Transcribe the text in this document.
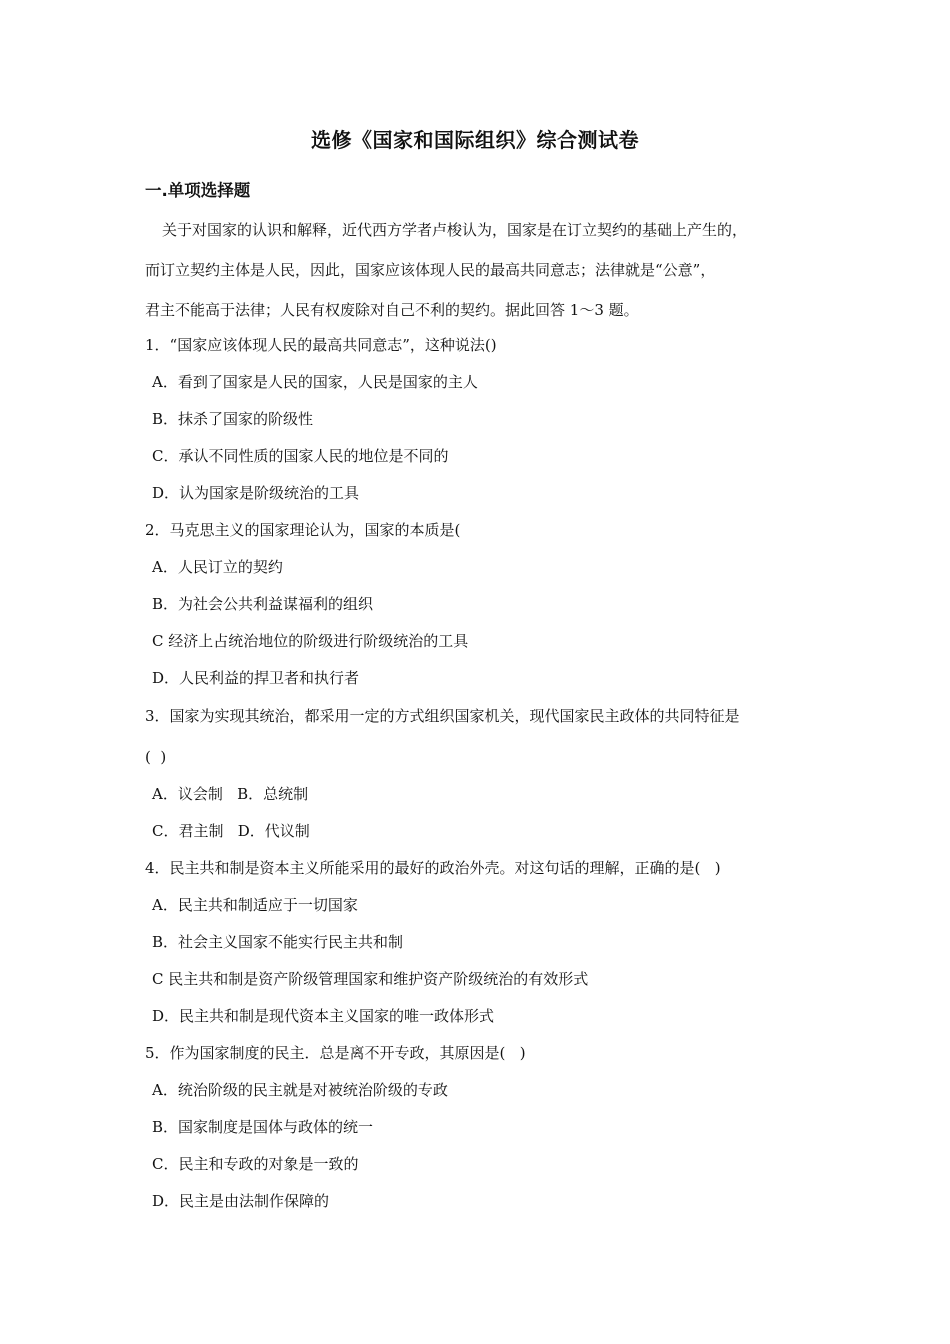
选修《国家和国际组织》综合测试卷
一.单项选择题

关于对国家的认识和解释，近代西方学者卢梭认为，国家是在订立契约的基础上产生的，

而订立契约主体是人民，因此，国家应该体现人民的最高共同意志；法律就是“公意”，

君主不能高于法律；人民有权废除对自己不利的契约。据此回答 1～3 题。

1．“国家应该体现人民的最高共同意志”，这种说法()
A．看到了国家是人民的国家，人民是国家的主人
B．抹杀了国家的阶级性
C．承认不同性质的国家人民的地位是不同的
D．认为国家是阶级统治的工具
2．马克思主义的国家理论认为，国家的本质是(
A．人民订立的契约
B．为社会公共利益谋福利的组织
C 经济上占统治地位的阶级进行阶级统治的工具
D．人民利益的捍卫者和执行者
3．国家为实现其统治，都采用一定的方式组织国家机关，现代国家民主政体的共同特征是
(  )
A．议会制   B．总统制
C．君主制   D．代议制
4．民主共和制是资本主义所能采用的最好的政治外壳。对这句话的理解，正确的是(   )
A．民主共和制适应于一切国家
B．社会主义国家不能实行民主共和制
C 民主共和制是资产阶级管理国家和维护资产阶级统治的有效形式
D．民主共和制是现代资本主义国家的唯一政体形式
5．作为国家制度的民主．总是离不开专政，其原因是(   )
A．统治阶级的民主就是对被统治阶级的专政
B．国家制度是国体与政体的统一
C．民主和专政的对象是一致的
D．民主是由法制作保障的
